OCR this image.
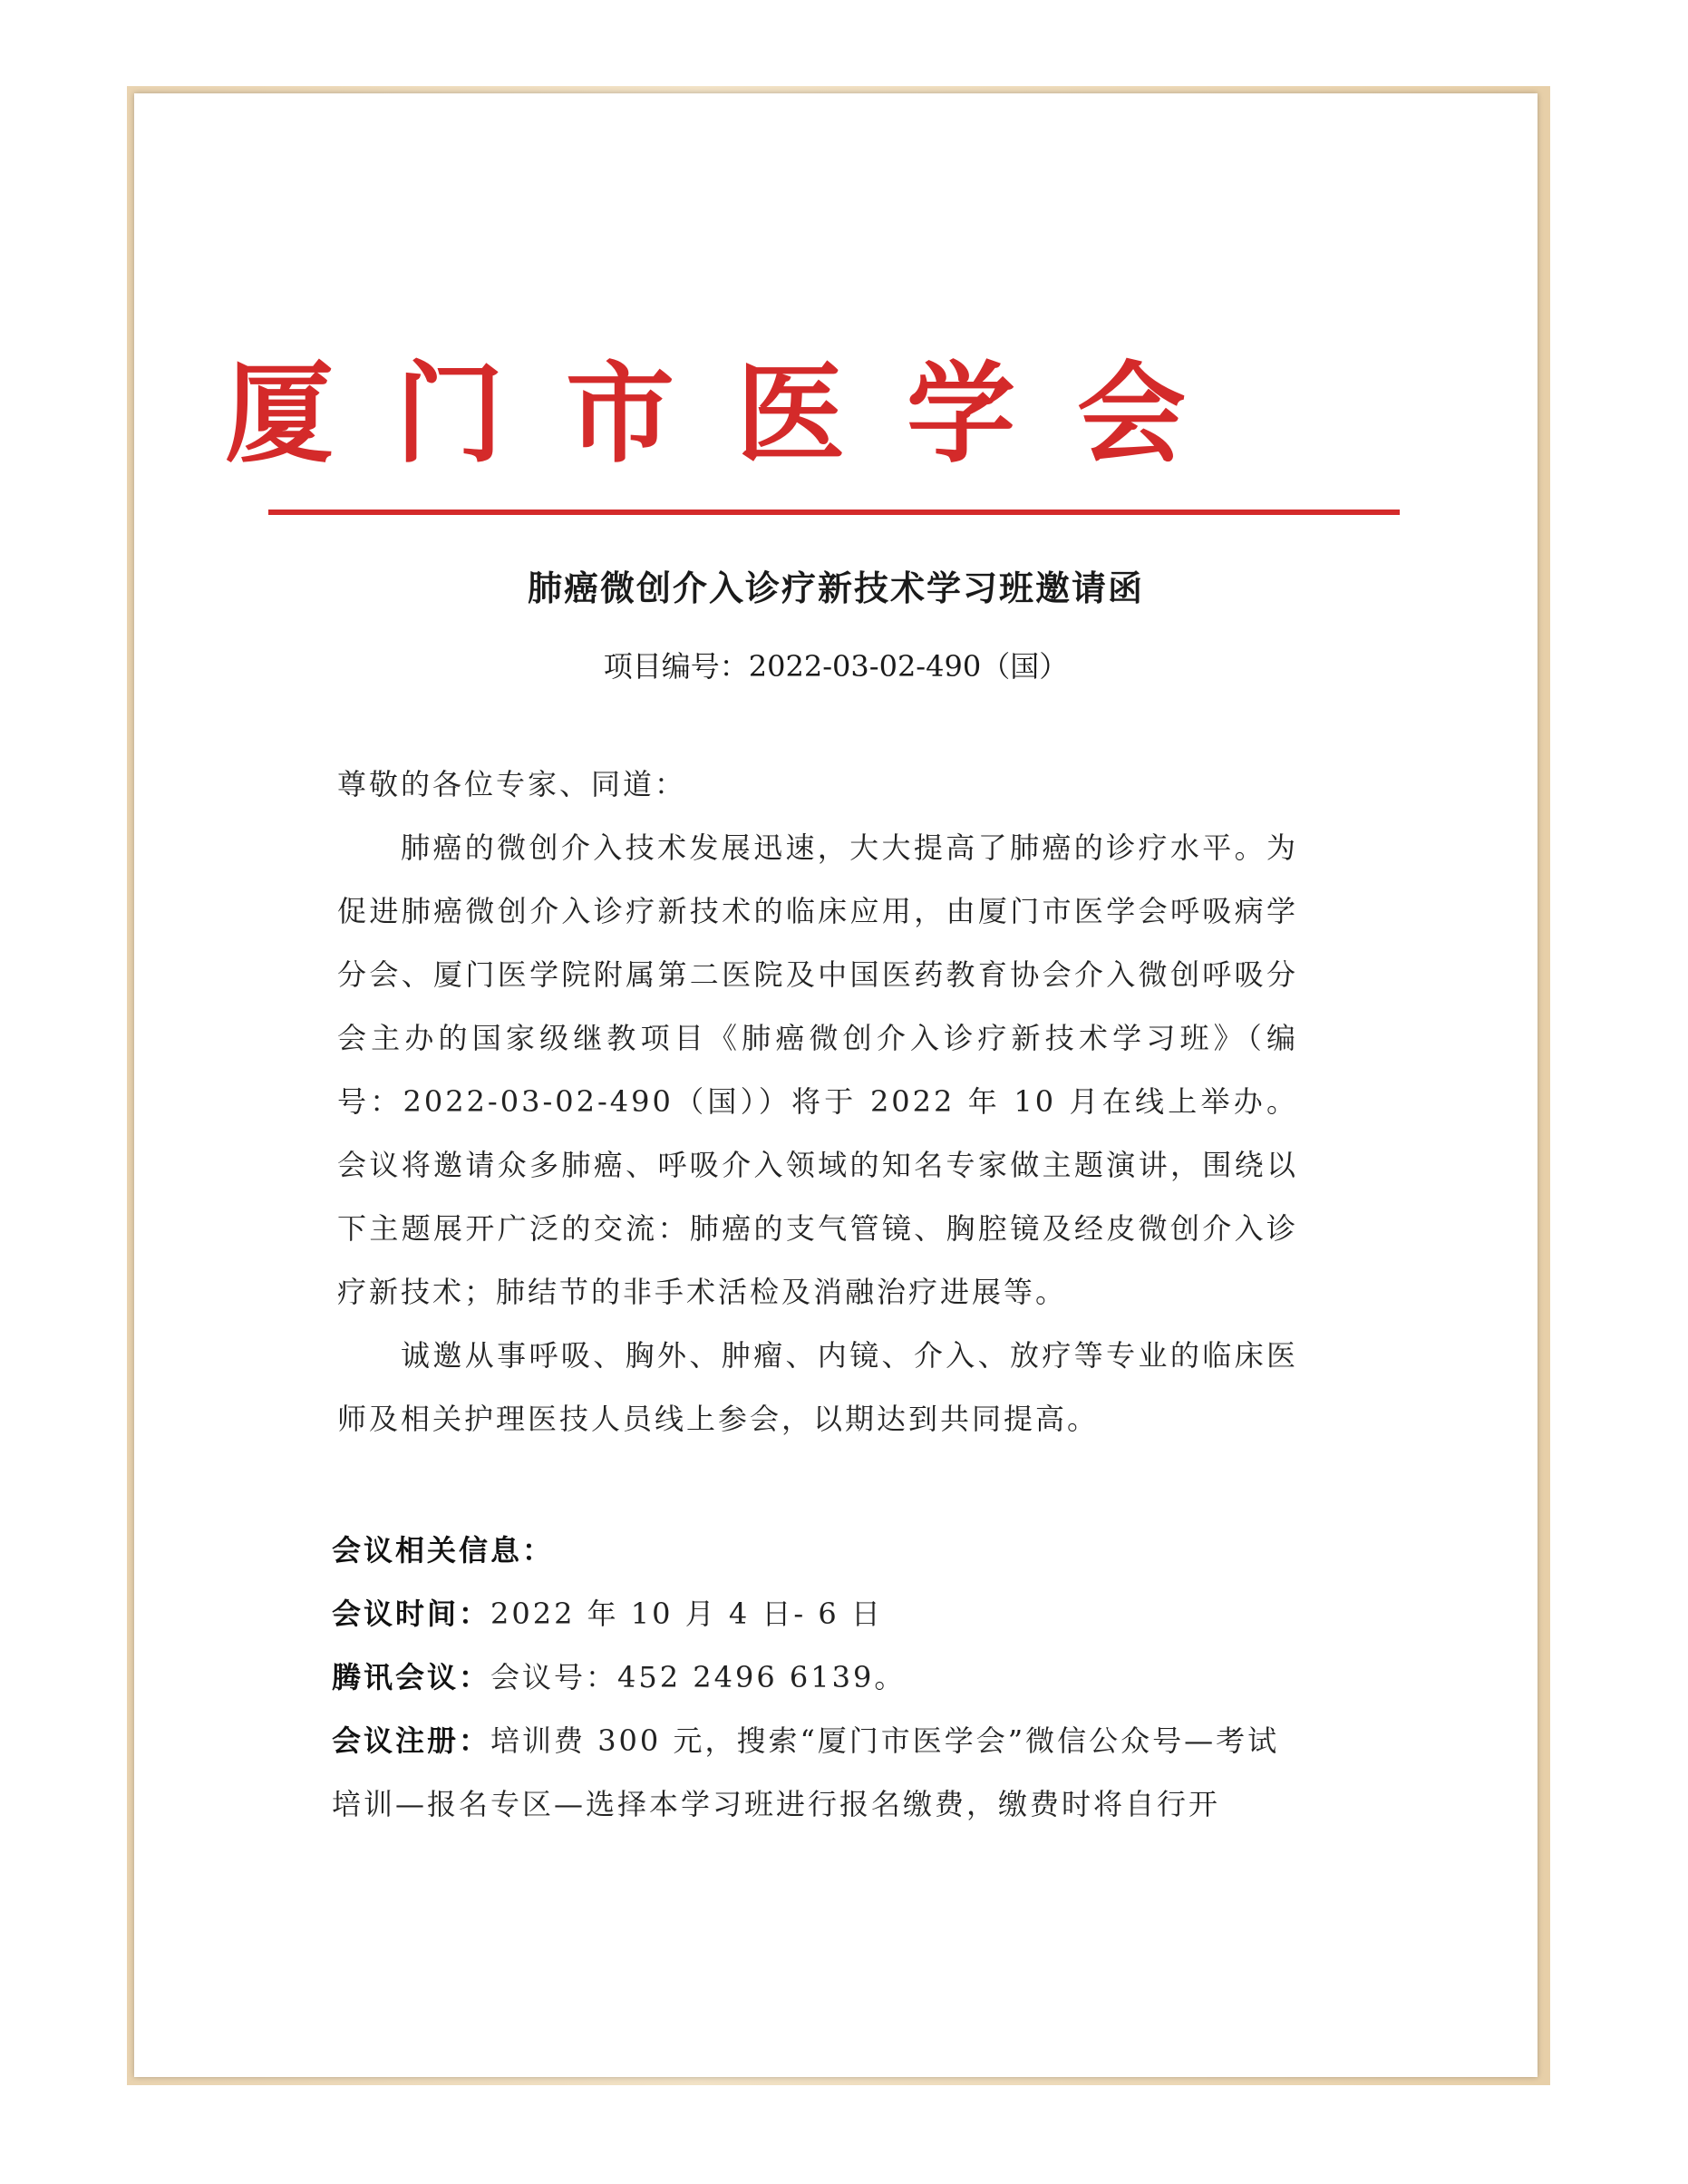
厦门市医学会
肺癌微创介入诊疗新技术学习班邀请函
项目编号：2022-03-02-490（国）

尊敬的各位专家、同道：

肺癌的微创介入技术发展迅速，大大提高了肺癌的诊疗水平。为促进肺癌微创介入诊疗新技术的临床应用，由厦门市医学会呼吸病学分会、厦门医学院附属第二医院及中国医药教育协会介入微创呼吸分会主办的国家级继教项目《肺癌微创介入诊疗新技术学习班》（编号：2022-03-02-490（国））将于 2022 年 10 月在线上举办。会议将邀请众多肺癌、呼吸介入领域的知名专家做主题演讲，围绕以下主题展开广泛的交流：肺癌的支气管镜、胸腔镜及经皮微创介入诊疗新技术；肺结节的非手术活检及消融治疗进展等。

诚邀从事呼吸、胸外、肿瘤、内镜、介入、放疗等专业的临床医师及相关护理医技人员线上参会，以期达到共同提高。

会议相关信息：

会议时间：2022 年 10 月 4 日- 6 日

腾讯会议：会议号：452 2496 6139。

会议注册：培训费 300 元，搜索“厦门市医学会”微信公众号—考试培训—报名专区—选择本学习班进行报名缴费，缴费时将自行开
